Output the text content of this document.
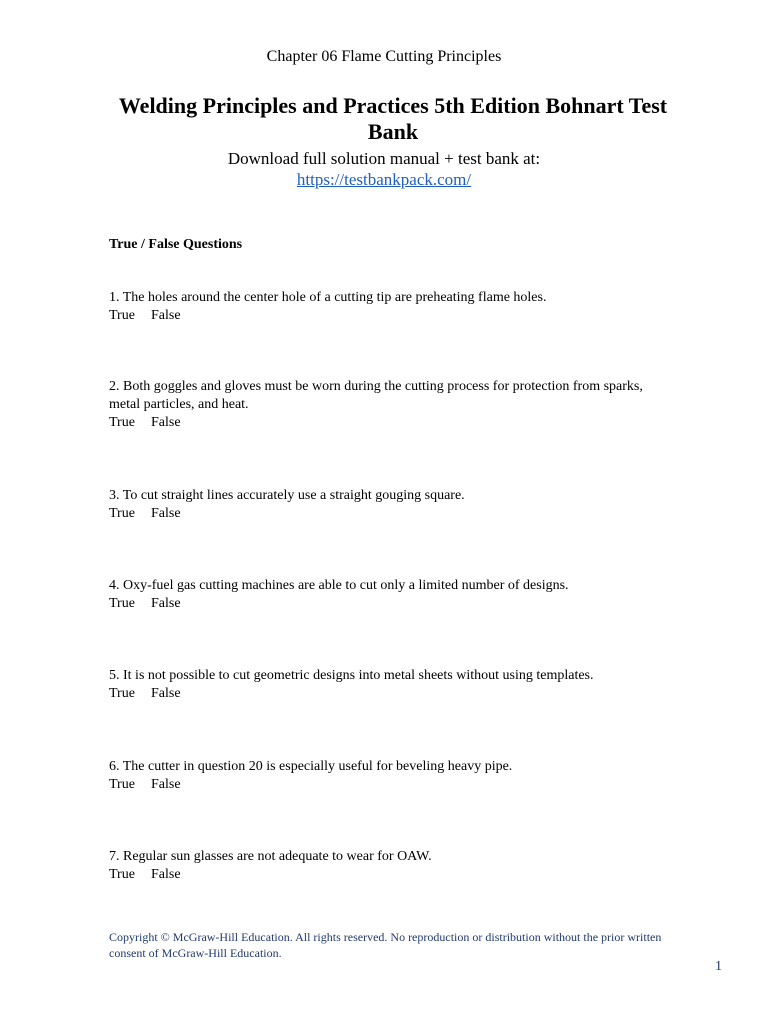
Chapter 06 Flame Cutting Principles
Welding Principles and Practices 5th Edition Bohnart Test Bank
Download full solution manual + test bank at:
https://testbankpack.com/
True / False Questions
1. The holes around the center hole of a cutting tip are preheating flame holes.
True False
2. Both goggles and gloves must be worn during the cutting process for protection from sparks, metal particles, and heat.
True False
3. To cut straight lines accurately use a straight gouging square.
True False
4. Oxy-fuel gas cutting machines are able to cut only a limited number of designs.
True False
5. It is not possible to cut geometric designs into metal sheets without using templates.
True False
6. The cutter in question 20 is especially useful for beveling heavy pipe.
True False
7. Regular sun glasses are not adequate to wear for OAW.
True False
Copyright © McGraw-Hill Education. All rights reserved. No reproduction or distribution without the prior written consent of McGraw-Hill Education.
1
